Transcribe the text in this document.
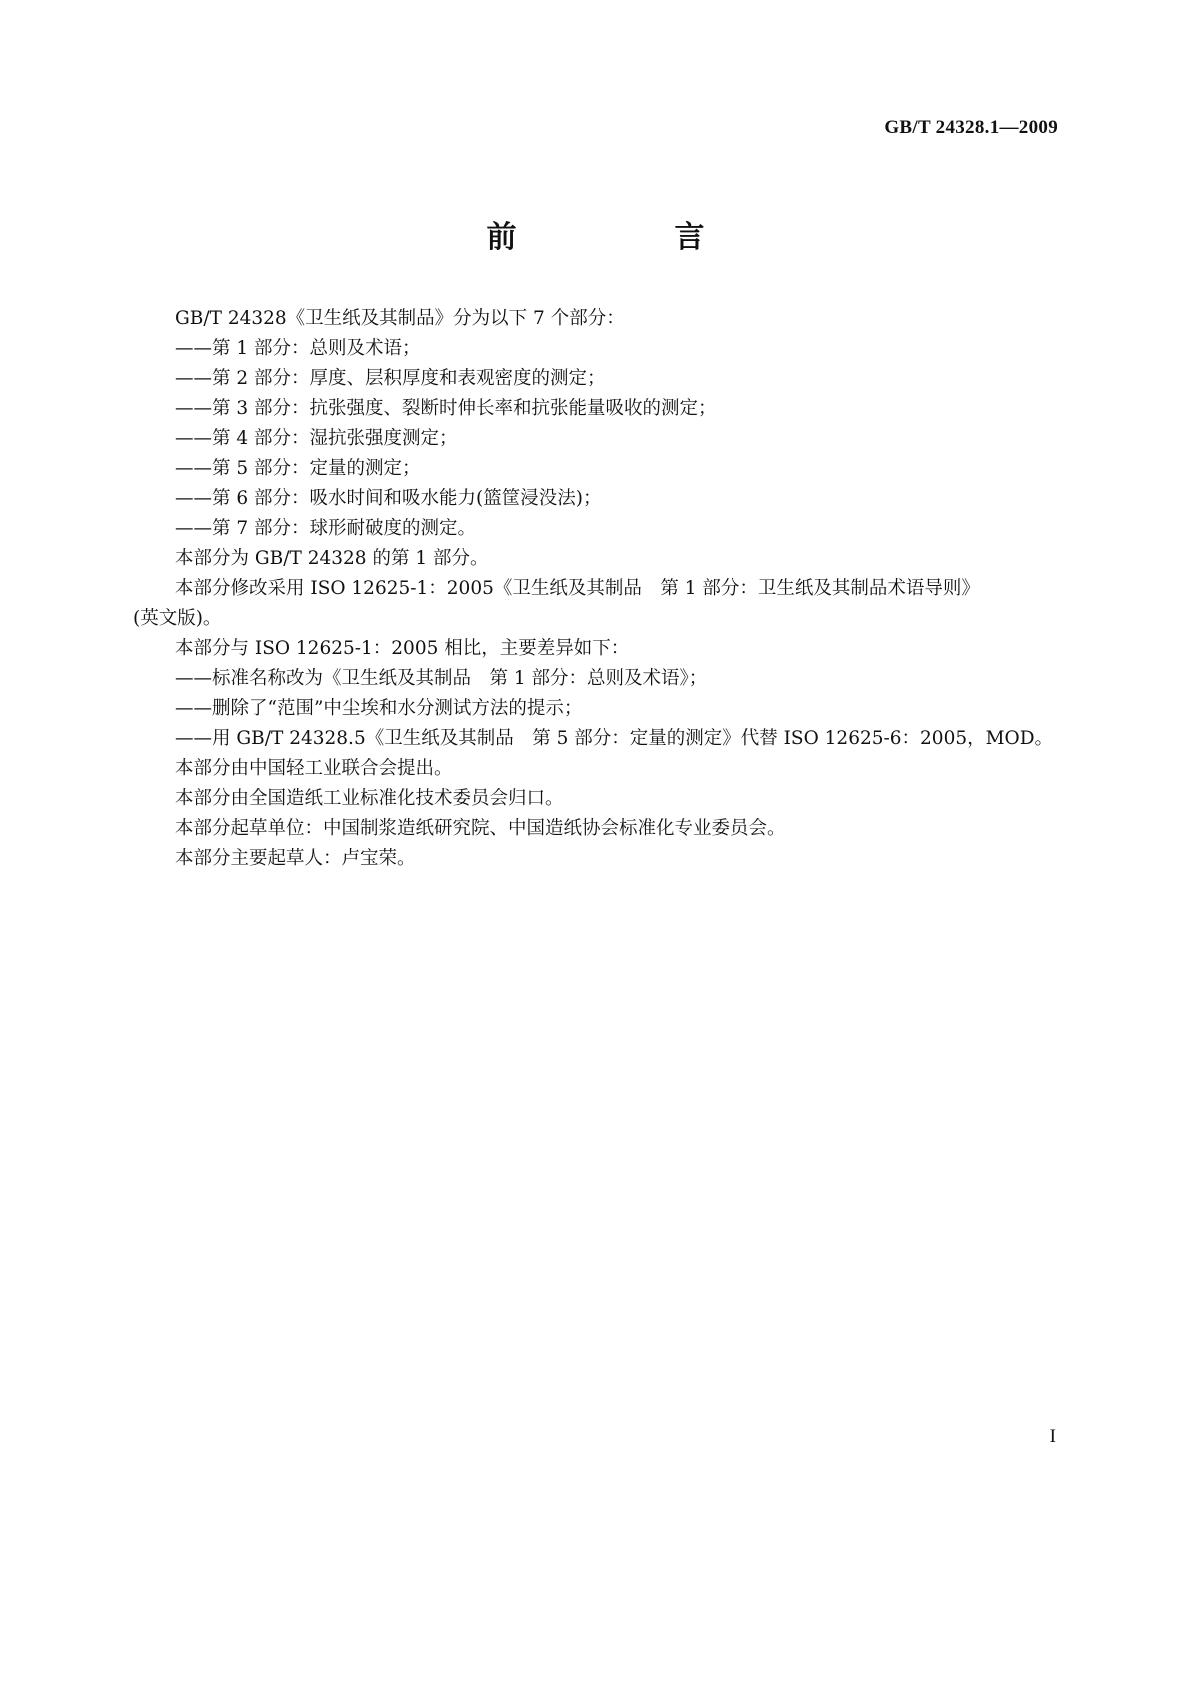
GB/T 24328.1—2009
前　言

GB/T 24328《卫生纸及其制品》分为以下 7 个部分：

——第 1 部分：总则及术语；

——第 2 部分：厚度、层积厚度和表观密度的测定；

——第 3 部分：抗张强度、裂断时伸长率和抗张能量吸收的测定；

——第 4 部分：湿抗张强度测定；

——第 5 部分：定量的测定；

——第 6 部分：吸水时间和吸水能力(篮筐浸没法)；

——第 7 部分：球形耐破度的测定。

本部分为 GB/T 24328 的第 1 部分。

本部分修改采用 ISO 12625-1：2005《卫生纸及其制品　第 1 部分：卫生纸及其制品术语导则》

(英文版)。

本部分与 ISO 12625-1：2005 相比，主要差异如下：

——标准名称改为《卫生纸及其制品　第 1 部分：总则及术语》；

——删除了“范围”中尘埃和水分测试方法的提示；

——用 GB/T 24328.5《卫生纸及其制品　第 5 部分：定量的测定》代替 ISO 12625-6：2005，MOD。

本部分由中国轻工业联合会提出。

本部分由全国造纸工业标准化技术委员会归口。

本部分起草单位：中国制浆造纸研究院、中国造纸协会标准化专业委员会。

本部分主要起草人：卢宝荣。

I
